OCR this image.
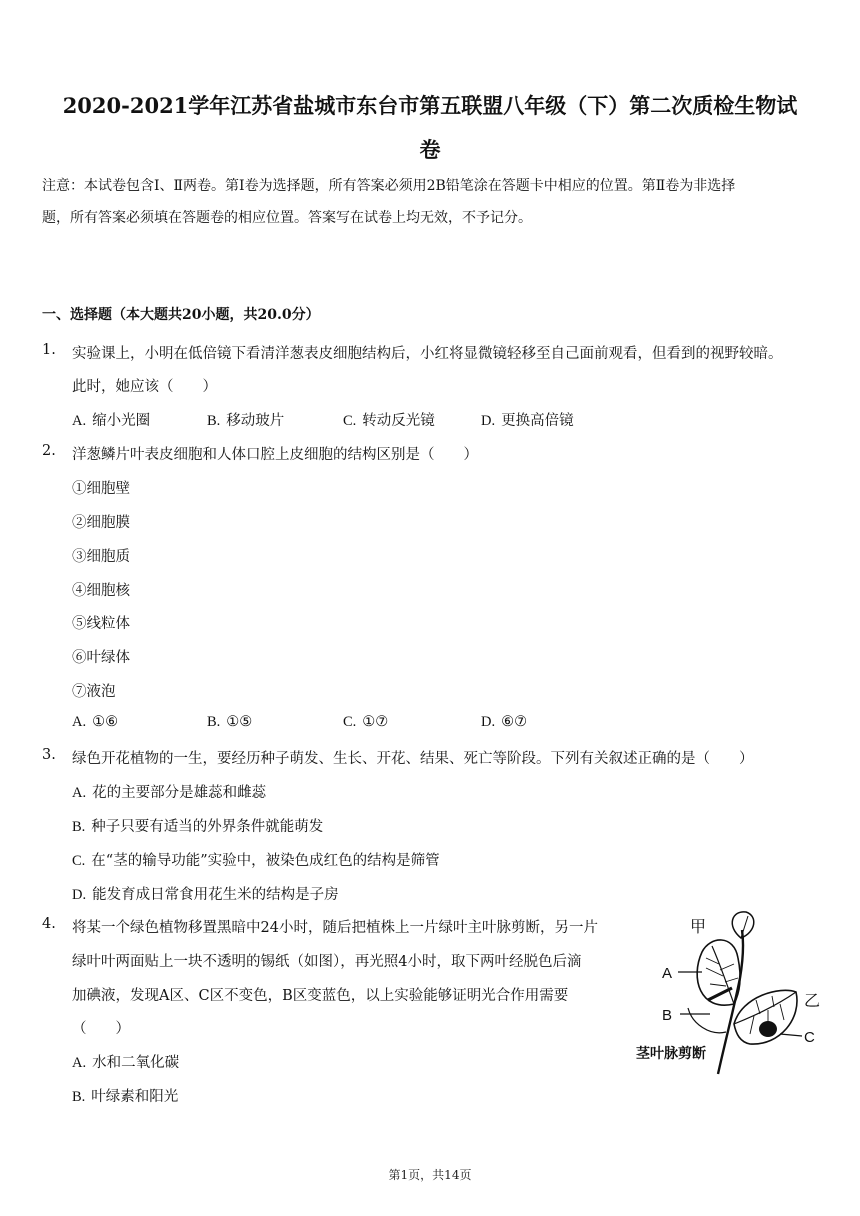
2020-2021学年江苏省盐城市东台市第五联盟八年级（下）第二次质检生物试
卷

注意：本试卷包含Ⅰ、Ⅱ两卷。第Ⅰ卷为选择题，所有答案必须用2B铅笔涂在答题卡中相应的位置。第Ⅱ卷为非选择
题，所有答案必须填在答题卷的相应位置。答案写在试卷上均无效，不予记分。

一、选择题（本大题共20小题，共20.0分）
1. 实验课上，小明在低倍镜下看清洋葱表皮细胞结构后，小红将显微镜轻移至自己面前观看，但看到的视野较暗。
此时，她应该（　　）
A. 缩小光圈	B. 移动玻片	C. 转动反光镜	D. 更换高倍镜
2. 洋葱鳞片叶表皮细胞和人体口腔上皮细胞的结构区别是（　　）
①细胞壁
②细胞膜
③细胞质
④细胞核
⑤线粒体
⑥叶绿体
⑦液泡
A. ①⑥	B. ①⑤	C. ①⑦	D. ⑥⑦
3. 绿色开花植物的一生，要经历种子萌发、生长、开花、结果、死亡等阶段。下列有关叙述正确的是（　　）
A. 花的主要部分是雄蕊和雌蕊
B. 种子只要有适当的外界条件就能萌发
C. 在“茎的输导功能”实验中，被染色成红色的结构是筛管
D. 能发育成日常食用花生米的结构是子房
4. 将某一个绿色植物移置黑暗中24小时，随后把植株上一片绿叶主叶脉剪断，另一片
绿叶叶两面贴上一块不透明的锡纸（如图），再光照4小时，取下两叶经脱色后滴
加碘液，发现A区、C区不变色，B区变蓝色，以上实验能够证明光合作用需要
（　　）
A. 水和二氧化碳
B. 叶绿素和阳光
甲
A
B
乙
C
茎叶脉剪断
第1页，共14页
